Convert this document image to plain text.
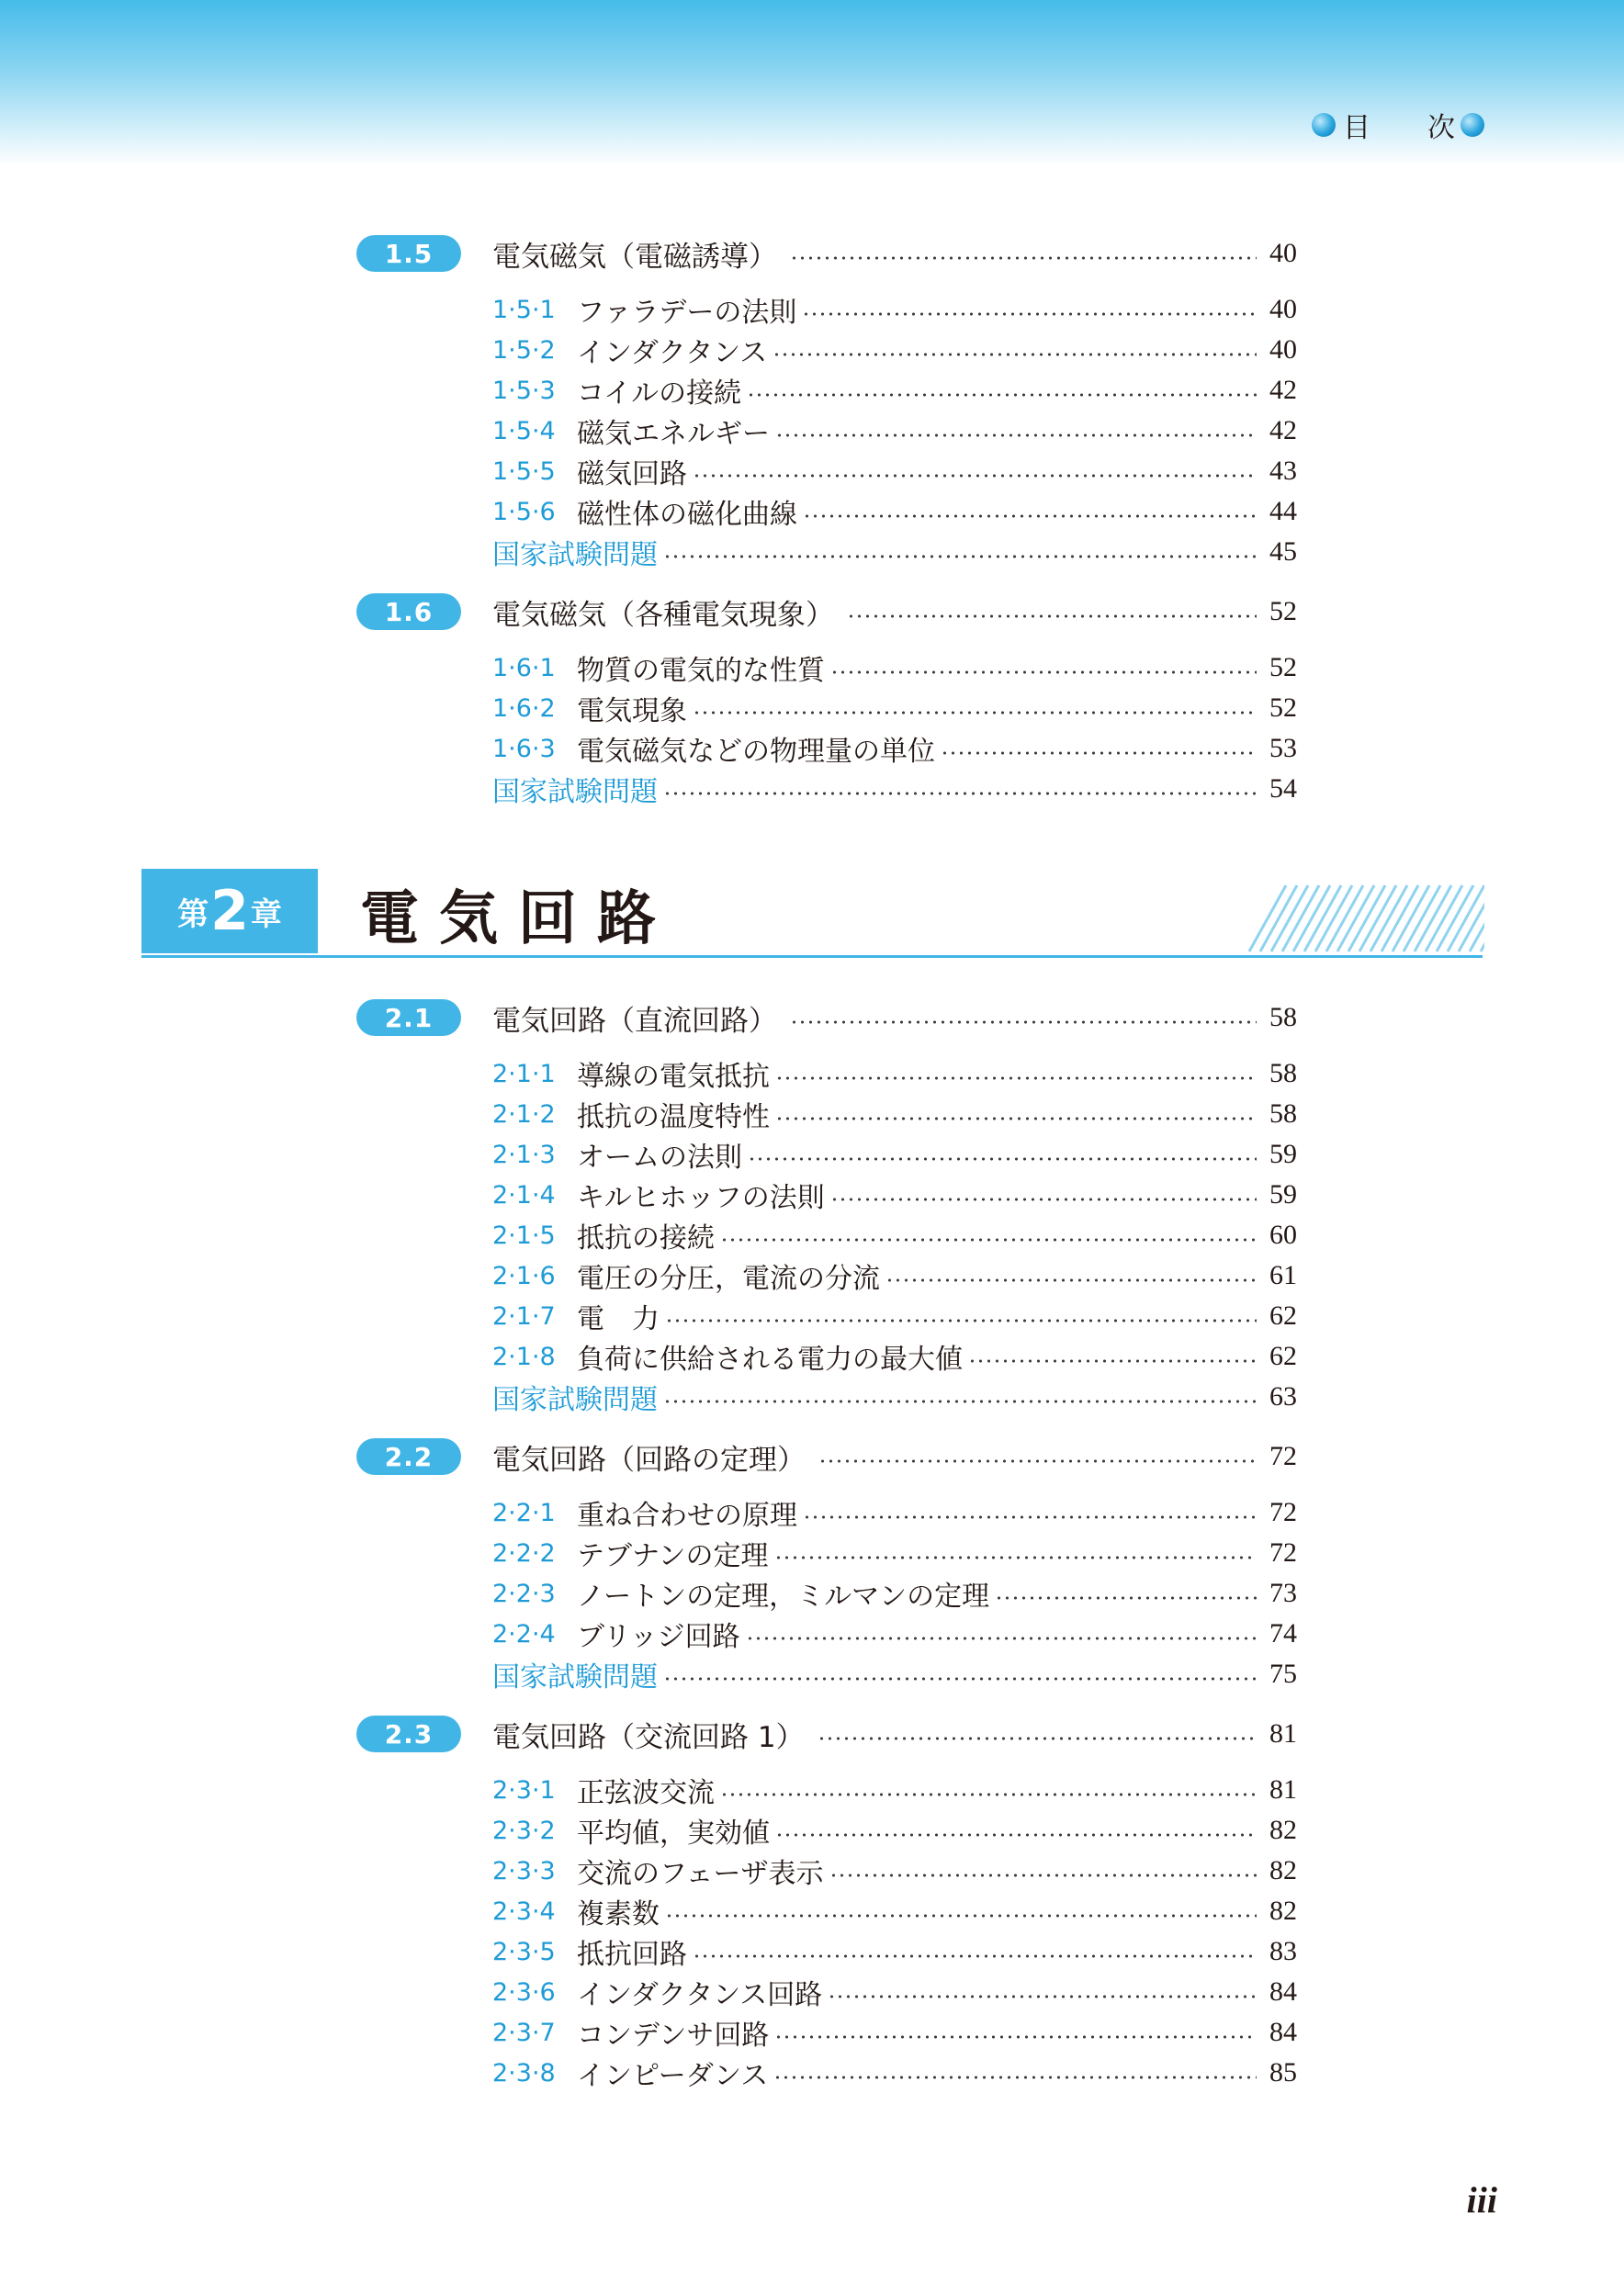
目 次
1.5	電気磁気（電磁誘導）	40
1·5·1 ファラデーの法則	40
1·5·2 インダクタンス	40
1·5·3 コイルの接続	42
1·5·4 磁気エネルギー	42
1·5·5 磁気回路	43
1·5·6 磁性体の磁化曲線	44
国家試験問題	45
1.6	電気磁気（各種電気現象）	52
1·6·1 物質の電気的な性質	52
1·6·2 電気現象	52
1·6·3 電気磁気などの物理量の単位	53
国家試験問題	54
2.1	電気回路（直流回路）	58
2·1·1 導線の電気抵抗	58
2·1·2 抵抗の温度特性	58
2·1·3 オームの法則	59
2·1·4 キルヒホッフの法則	59
2·1·5 抵抗の接続	60
2·1·6 電圧の分圧，電流の分流	61
2·1·7 電　力	62
2·1·8 負荷に供給される電力の最大値	62
国家試験問題	63
2.2	電気回路（回路の定理）	72
2·2·1 重ね合わせの原理	72
2·2·2 テブナンの定理	72
2·2·3 ノートンの定理，ミルマンの定理	73
2·2·4 ブリッジ回路	74
国家試験問題	75
2.3	電気回路（交流回路 1）	81
2·3·1 正弦波交流	81
2·3·2 平均値，実効値	82
2·3·3 交流のフェーザ表示	82
2·3·4 複素数	82
2·3·5 抵抗回路	83
2·3·6 インダクタンス回路	84
2·3·7 コンデンサ回路	84
2·3·8 インピーダンス	85
第 2 章 電気回路
iii
